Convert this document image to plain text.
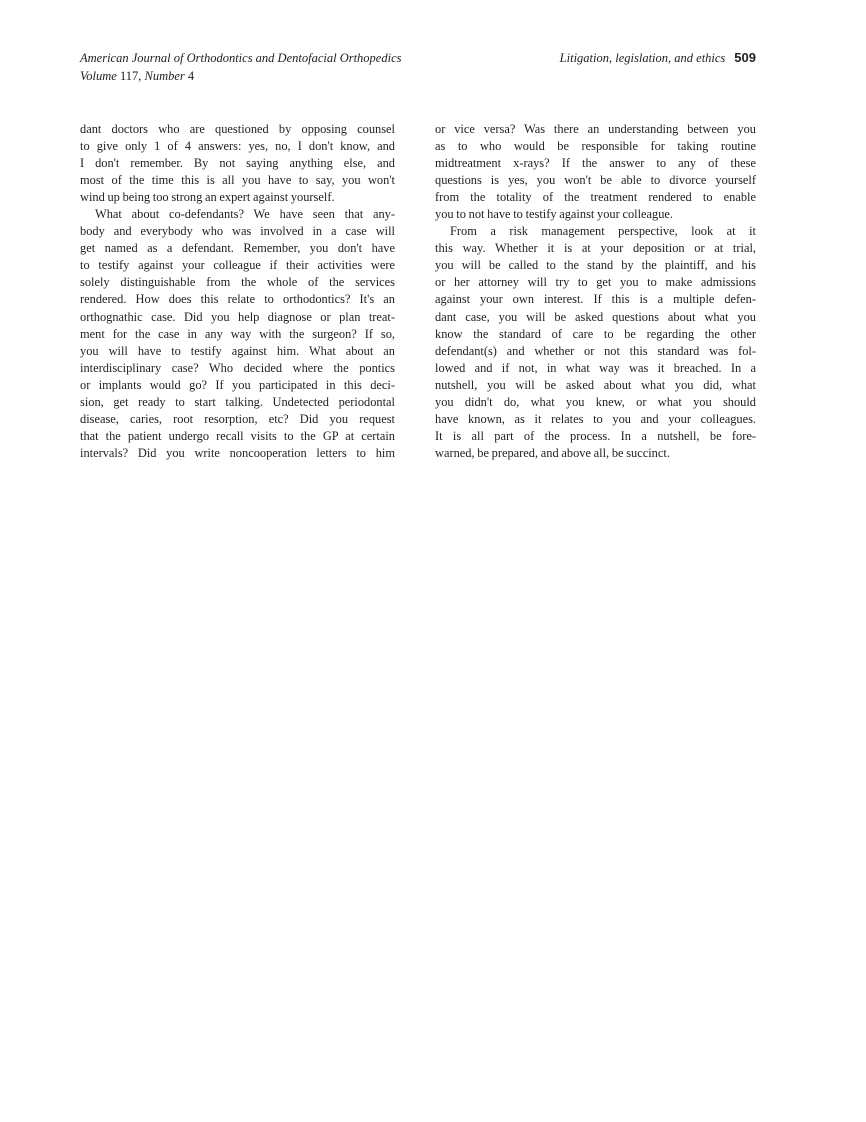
American Journal of Orthodontics and Dentofacial Orthopedics
Volume 117, Number 4
Litigation, legislation, and ethics 509
dant doctors who are questioned by opposing counsel
to give only 1 of 4 answers: yes, no, I don't know, and
I don't remember. By not saying anything else, and
most of the time this is all you have to say, you won't
wind up being too strong an expert against yourself.
What about co-defendants? We have seen that any-
body and everybody who was involved in a case will
get named as a defendant. Remember, you don't have
to testify against your colleague if their activities were
solely distinguishable from the whole of the services
rendered. How does this relate to orthodontics? It's an
orthognathic case. Did you help diagnose or plan treat-
ment for the case in any way with the surgeon? If so,
you will have to testify against him. What about an
interdisciplinary case? Who decided where the pontics
or implants would go? If you participated in this deci-
sion, get ready to start talking. Undetected periodontal
disease, caries, root resorption, etc? Did you request
that the patient undergo recall visits to the GP at certain
intervals? Did you write noncooperation letters to him
or vice versa? Was there an understanding between you
as to who would be responsible for taking routine
midtreatment x-rays? If the answer to any of these
questions is yes, you won't be able to divorce yourself
from the totality of the treatment rendered to enable
you to not have to testify against your colleague.
From a risk management perspective, look at it
this way. Whether it is at your deposition or at trial,
you will be called to the stand by the plaintiff, and his
or her attorney will try to get you to make admissions
against your own interest. If this is a multiple defen-
dant case, you will be asked questions about what you
know the standard of care to be regarding the other
defendant(s) and whether or not this standard was fol-
lowed and if not, in what way was it breached. In a
nutshell, you will be asked about what you did, what
you didn't do, what you knew, or what you should
have known, as it relates to you and your colleagues.
It is all part of the process. In a nutshell, be fore-
warned, be prepared, and above all, be succinct.
